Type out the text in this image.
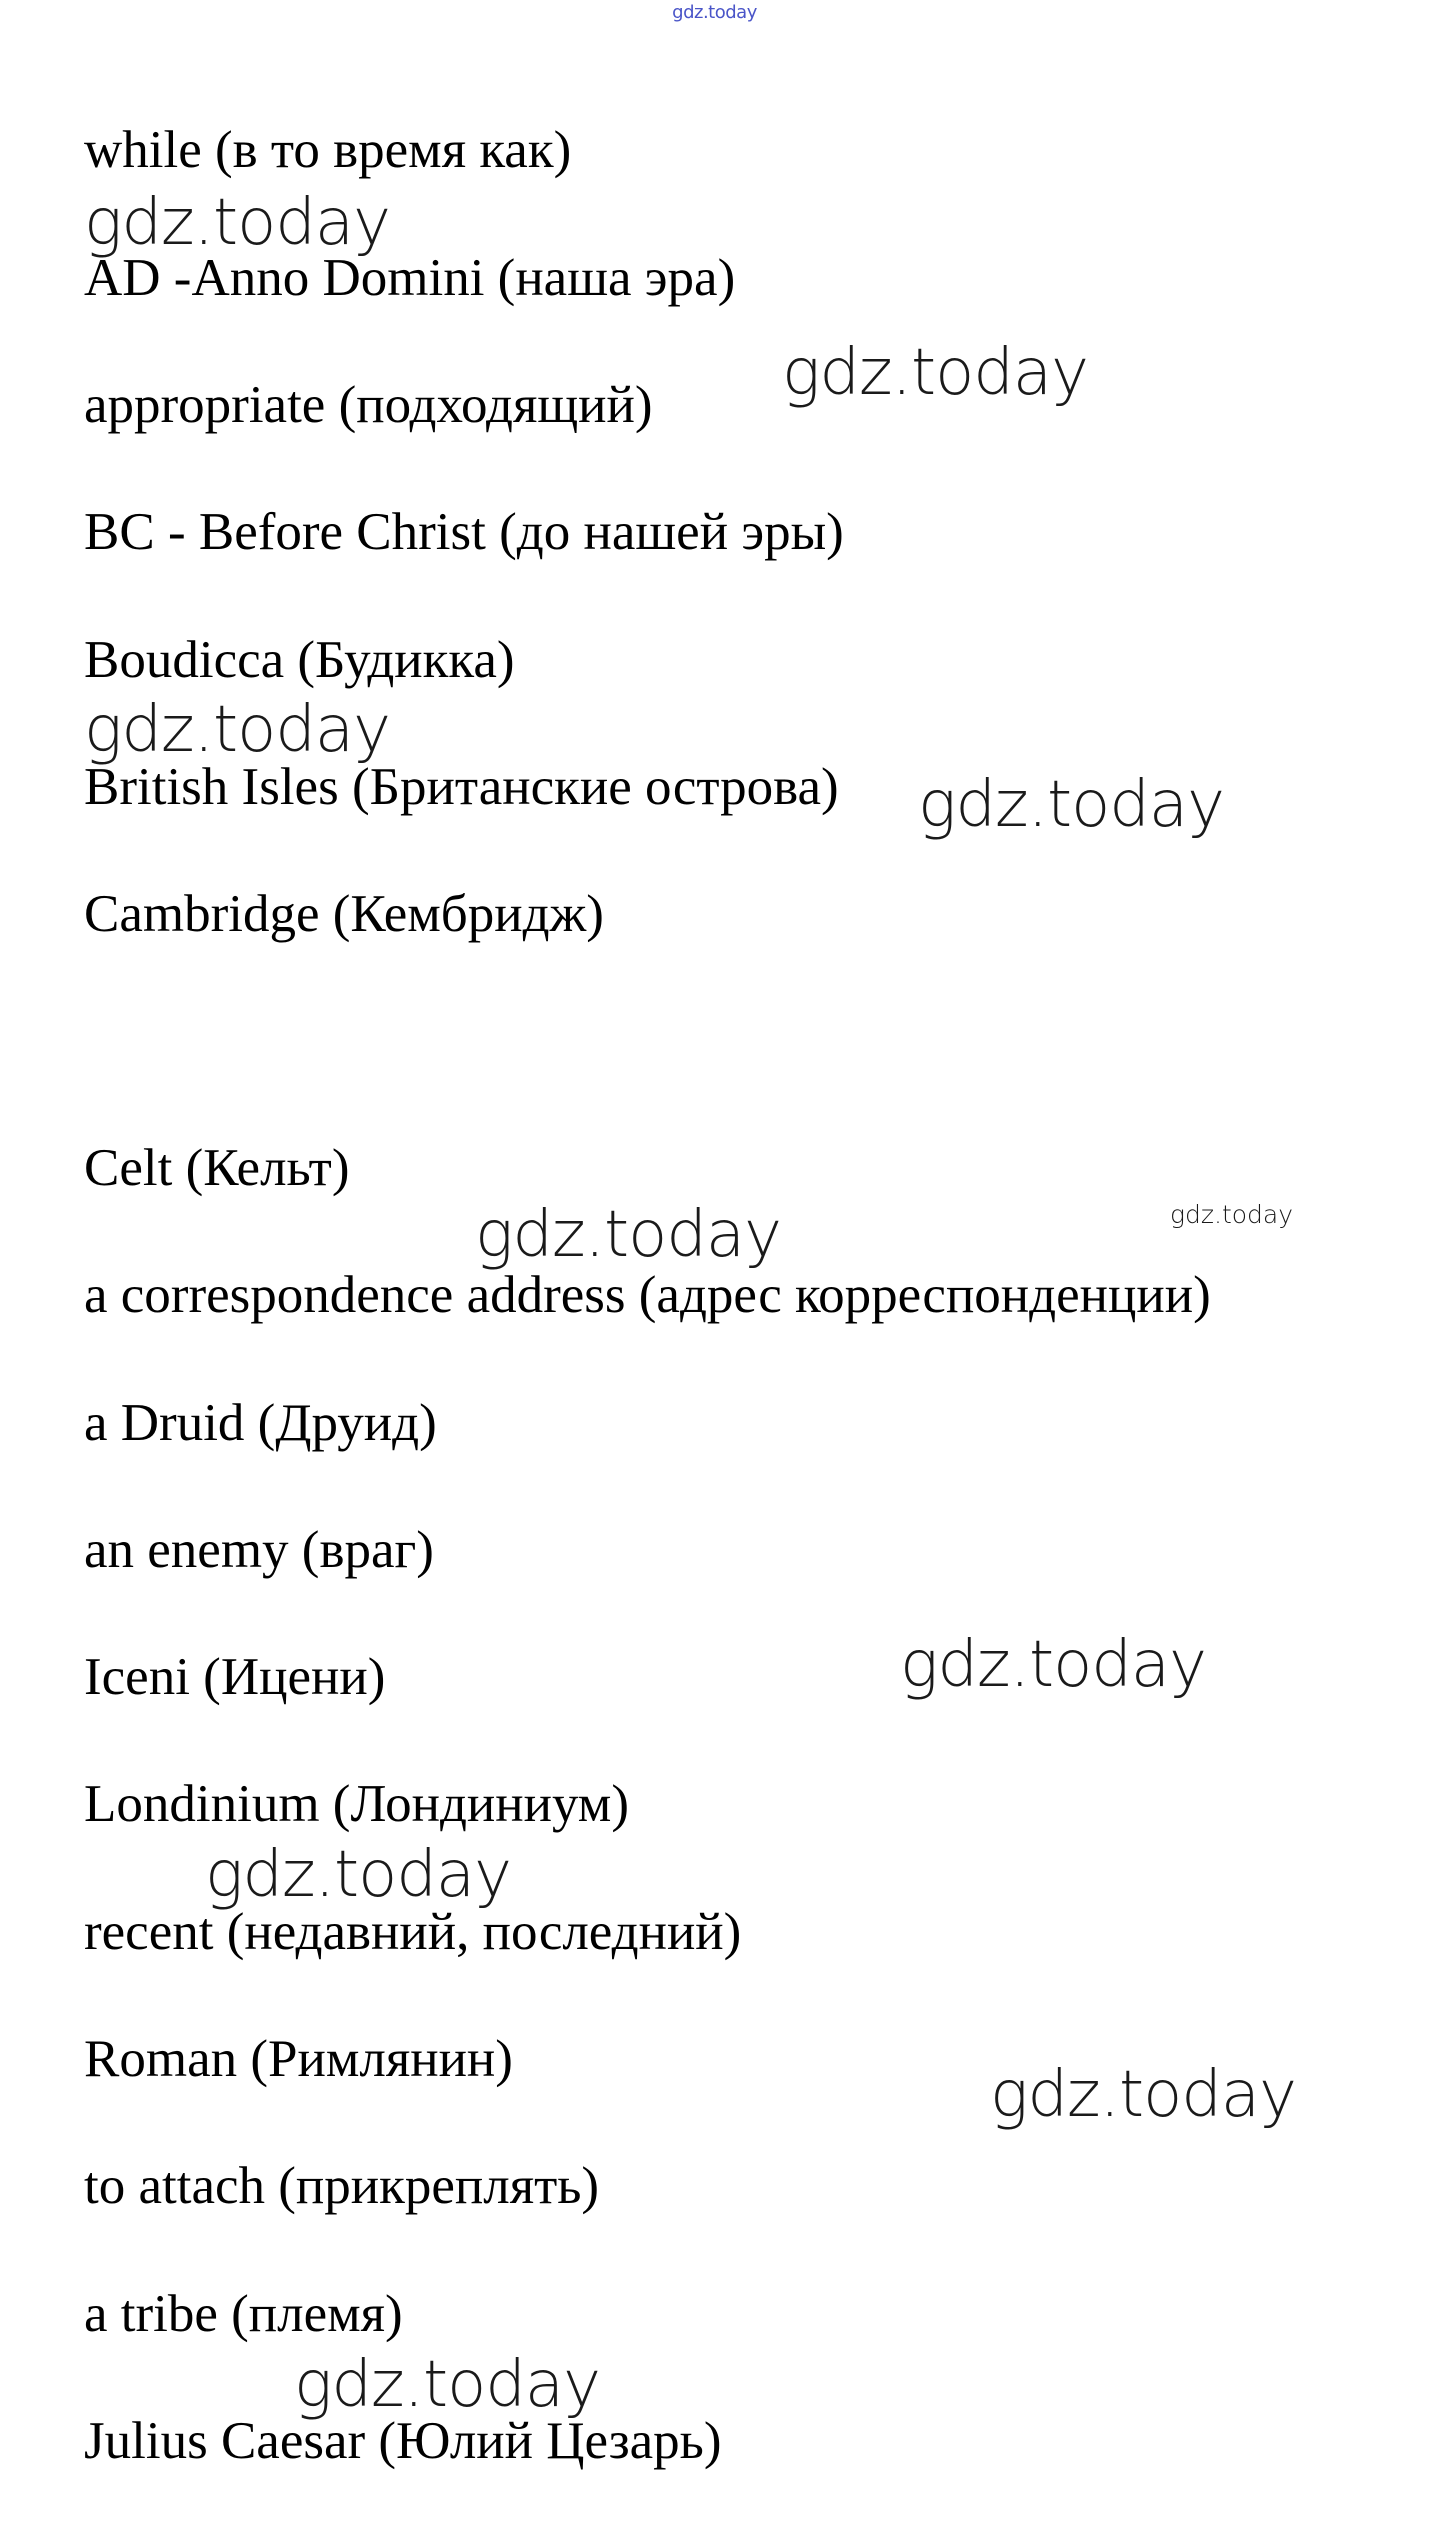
gdz.today
while (в то время как)
AD -Anno Domini (наша эра)
appropriate (подходящий)
BC - Before Christ (до нашей эры)
Boudicca (Будикка)
British Isles (Британские острова)
Cambridge (Кембридж)
Celt (Кельт)
a correspondence address (адрес корреспонденции)
a Druid (Друид)
an enemy (враг)
Iceni (Ицени)
Londinium (Лондиниум)
recent (недавний, последний)
Roman (Римлянин)
to attach (прикреплять)
a tribe (племя)
Julius Caesar (Юлий Цезарь)
gdz.today
gdz.today
gdz.today
gdz.today
gdz.today	gdz.today
gdz.today
gdz.today
gdz.today
gdz.today
